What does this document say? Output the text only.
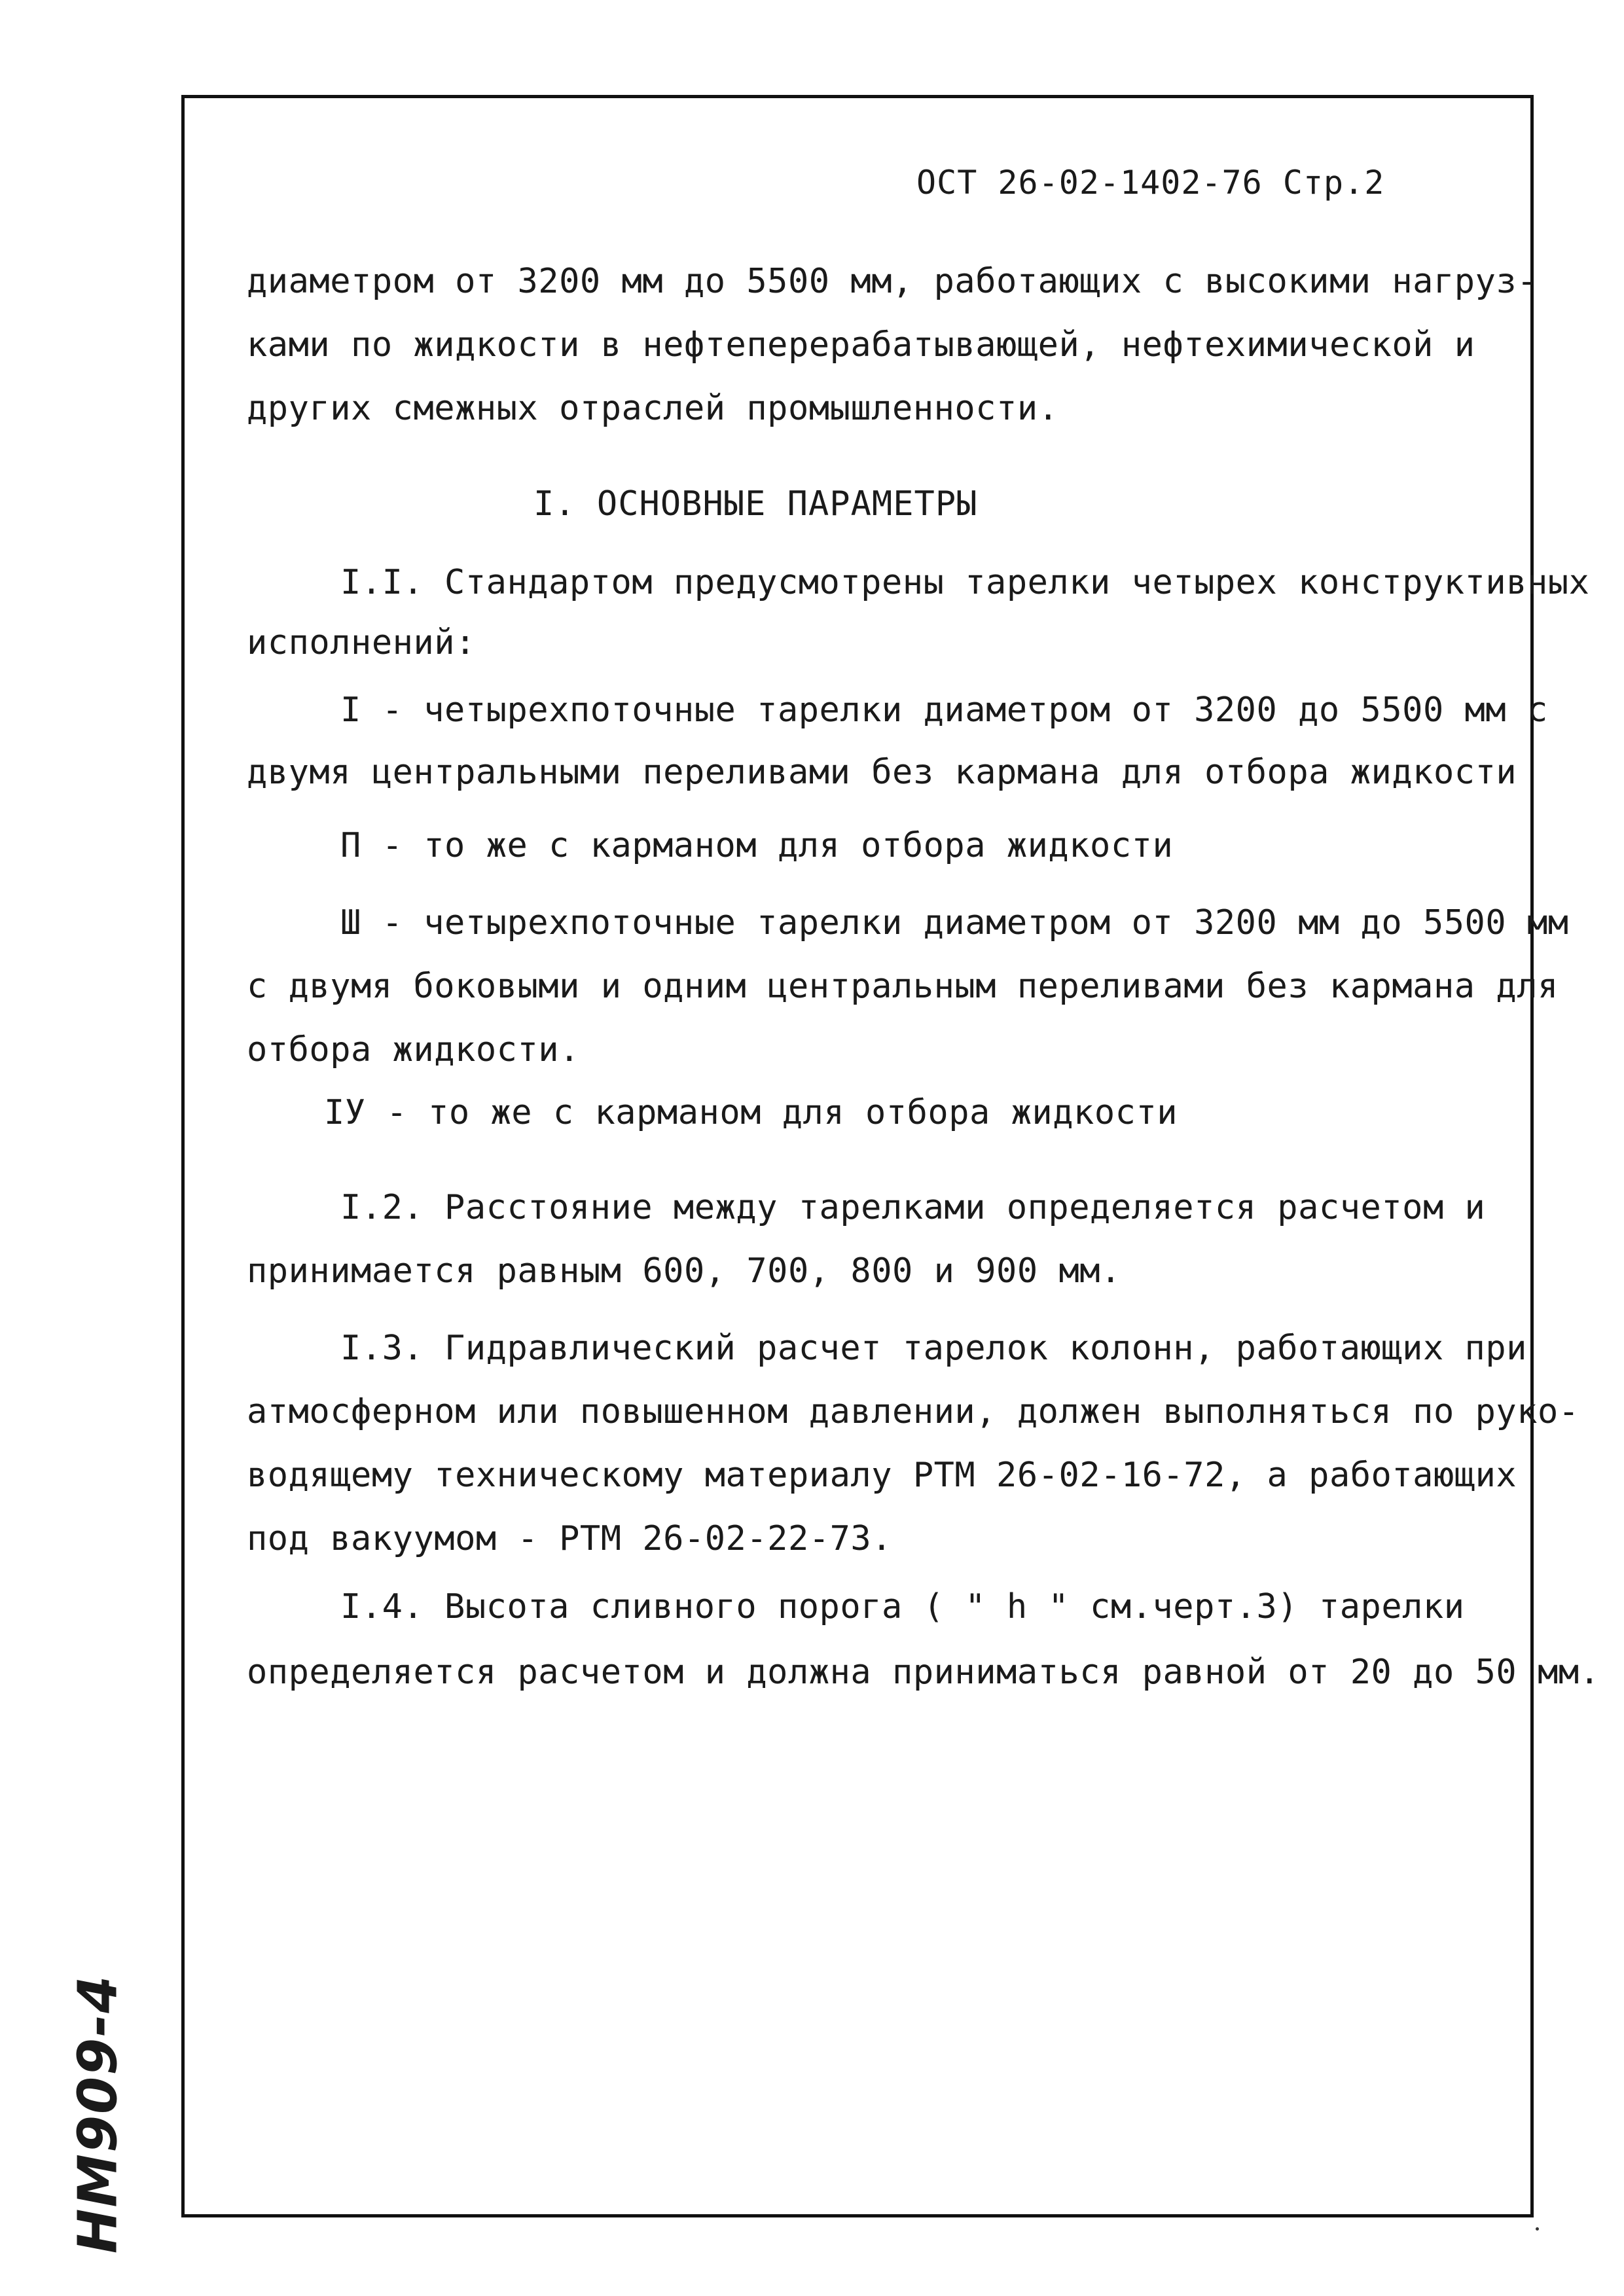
ОСТ 26-02-1402-76 Стр.2
диаметром от 3200 мм до 5500 мм, работающих с высокими нагруз-
ками по жидкости в нефтеперерабатывающей, нефтехимической и
других смежных отраслей промышленности.
I. ОСНОВНЫЕ ПАРАМЕТРЫ
I.I. Стандартом предусмотрены тарелки четырех конструктивных
исполнений:
I - четырехпоточные тарелки диаметром от 3200 до 5500 мм с
двумя центральными переливами без кармана для отбора жидкости
П - то же с карманом для отбора жидкости
Ш - четырехпоточные тарелки диаметром от 3200 мм до 5500 мм
с двумя боковыми и одним центральным переливами без кармана для
отбора жидкости.
IУ - то же с карманом для отбора жидкости
I.2. Расстояние между тарелками определяется расчетом и
принимается равным 600, 700, 800 и 900 мм.
I.3. Гидравлический расчет тарелок колонн, работающих при
атмосферном или повышенном давлении, должен выполняться по руко-
водящему техническому материалу РТМ 26-02-16-72, а работающих
под вакуумом - РТМ 26-02-22-73.
I.4. Высота сливного порога ( " h " см.черт.3) тарелки
определяется расчетом и должна приниматься равной от 20 до 50 мм.
НМ909-4
